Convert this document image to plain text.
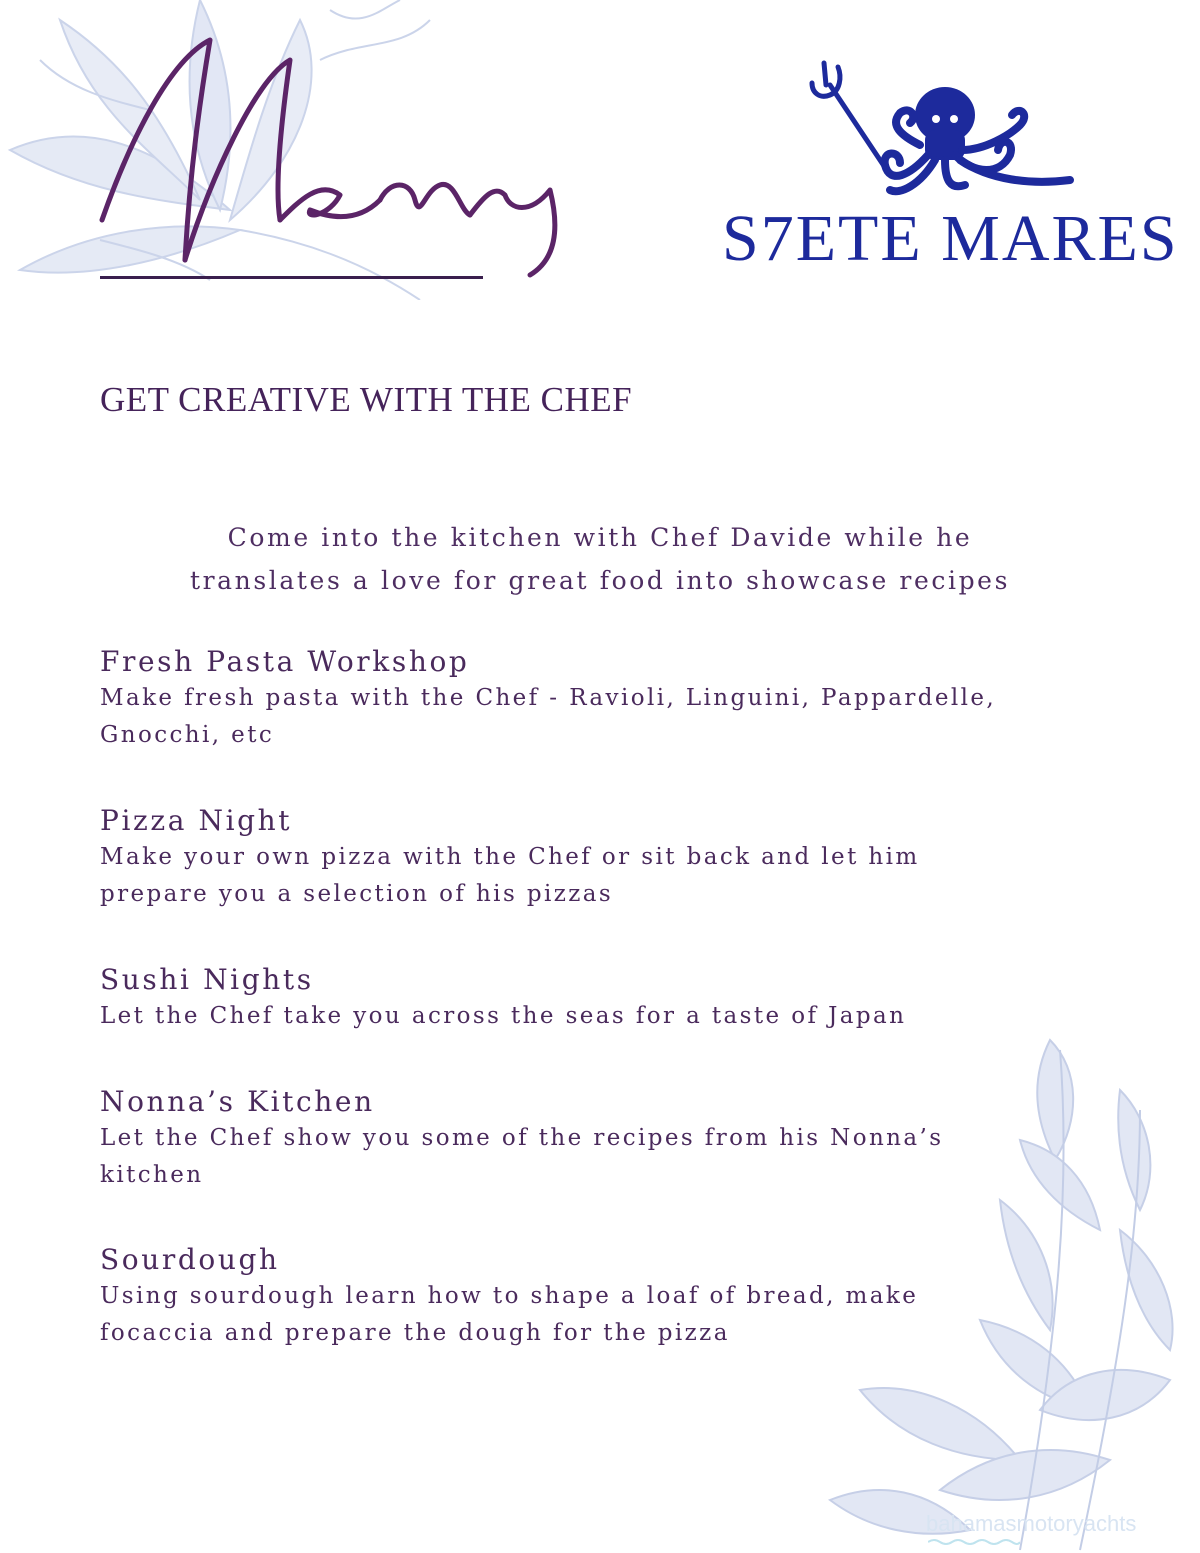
S7ETE MARES
GET CREATIVE WITH THE CHEF
Come into the kitchen with Chef Davide while he
translates a love for great food into showcase recipes
Fresh Pasta Workshop
Make fresh pasta with the Chef - Ravioli, Linguini, Pappardelle,
Gnocchi, etc
Pizza Night
Make your own pizza with the Chef or sit back and let him
prepare you a selection of his pizzas
Sushi Nights
Let the Chef take you across the seas for a taste of Japan
Nonna’s Kitchen
Let the Chef show you some of the recipes from his Nonna’s
kitchen
Sourdough
Using sourdough learn how to shape a loaf of bread, make
focaccia and prepare the dough for the pizza
bahamasmotoryachts
